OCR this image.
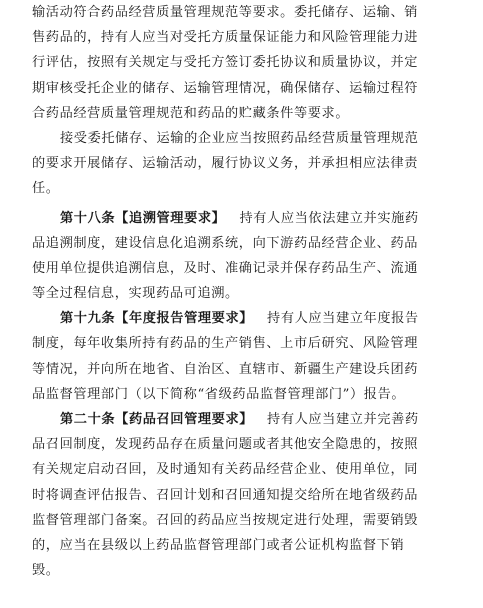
输活动符合药品经营质量管理规范等要求。委托储存、运输、销
售药品的，持有人应当对受托方质量保证能力和风险管理能力进
行评估，按照有关规定与受托方签订委托协议和质量协议，并定
期审核受托企业的储存、运输管理情况，确保储存、运输过程符
合药品经营质量管理规范和药品的贮藏条件等要求。
接受委托储存、运输的企业应当按照药品经营质量管理规范
的要求开展储存、运输活动，履行协议义务，并承担相应法律责
任。
第十八条【追溯管理要求】 持有人应当依法建立并实施药
品追溯制度，建设信息化追溯系统，向下游药品经营企业、药品
使用单位提供追溯信息，及时、准确记录并保存药品生产、流通
等全过程信息，实现药品可追溯。
第十九条【年度报告管理要求】 持有人应当建立年度报告
制度，每年收集所持有药品的生产销售、上市后研究、风险管理
等情况，并向所在地省、自治区、直辖市、新疆生产建设兵团药
品监督管理部门（以下简称“省级药品监督管理部门”）报告。
第二十条【药品召回管理要求】 持有人应当建立并完善药
品召回制度，发现药品存在质量问题或者其他安全隐患的，按照
有关规定启动召回，及时通知有关药品经营企业、使用单位，同
时将调查评估报告、召回计划和召回通知提交给所在地省级药品
监督管理部门备案。召回的药品应当按规定进行处理，需要销毁
的，应当在县级以上药品监督管理部门或者公证机构监督下销
毁。
